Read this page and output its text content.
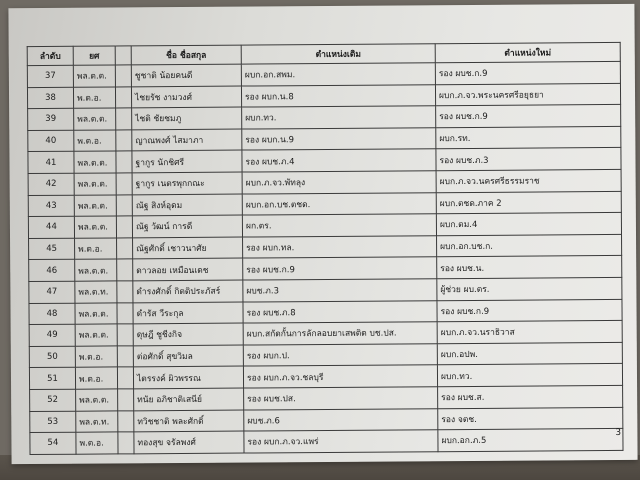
ลำดับ	ยศ		ชื่อ ชื่อสกุล	ตำแหน่งเดิม	ตำแหน่งใหม่
37	พล.ต.ต.		ชูชาติ น้อยคนดี	ผบก.อก.สพม.	รอง ผบช.ก.9
38	พ.ต.อ.		ไชยรัช งามวงศ์	รอง ผบก.น.8	ผบก.ภ.จว.พระนครศรีอยุธยา
39	พล.ต.ต.		ไชติ ชัยชมภู	ผบก.ทว.	รอง ผบช.ก.9
40	พ.ต.อ.		ญาณพงศ์ ไสมาภา	รอง ผบก.น.9	ผบก.รท.
41	พล.ต.ต.		ฐากูร นักชิศรี	รอง ผบช.ภ.4	รอง ผบช.ภ.3
42	พล.ต.ต.		ฐากูร เนตรพุกกณะ	ผบก.ภ.จว.พัทลุง	ผบก.ภ.จว.นครศรีธรรมราช
43	พล.ต.ต.		ณัฐ สิงห์อุดม	ผบก.อก.บช.ตชด.	ผบก.ตชด.ภาค 2
44	พล.ต.ต.		ณัฐ วัฒน์ การดี	ผก.ตร.	ผบก.ตม.4
45	พ.ต.อ.		ณัฐศักดิ์ เชาวนาศัย	รอง ผบก.ทล.	ผบก.อก.บช.ก.
46	พล.ต.ต.		ดาวลอย เหมือนเดช	รอง ผบช.ก.9	รอง ผบช.น.
47	พล.ต.ท.		ดำรงศักดิ์ กิตติประภัสร์	ผบช.ภ.3	ผู้ช่วย ผบ.ตร.
48	พล.ต.ต.		ดำรัส วีระกุล	รอง ผบช.ภ.8	รอง ผบช.ก.9
49	พล.ต.ต.		ดุษฎี ชูชีงกิจ	ผบก.สกัดกั้นการลักลอบยาเสพติด บช.ปส.	ผบก.ภ.จว.นราธิวาส
50	พ.ต.อ.		ต่อศักดิ์ สุขวิมล	รอง ผบก.ป.	ผบก.อปพ.
51	พ.ต.อ.		ไตรรงค์ ผิวพรรณ	รอง ผบก.ภ.จว.ชลบุรี	ผบก.ทว.
52	พล.ต.ต.		ทนัย อภิชาติเสนีย์	รอง ผบช.ปส.	รอง ผบช.ส.
53	พล.ต.ท.		ทวิชชาติ พละศักดิ์	ผบช.ภ.6	รอง จตช.
54	พ.ต.อ.		ทองสุข จรัลพงศ์	รอง ผบก.ภ.จว.แพร่	ผบก.อก.ภ.5
3
